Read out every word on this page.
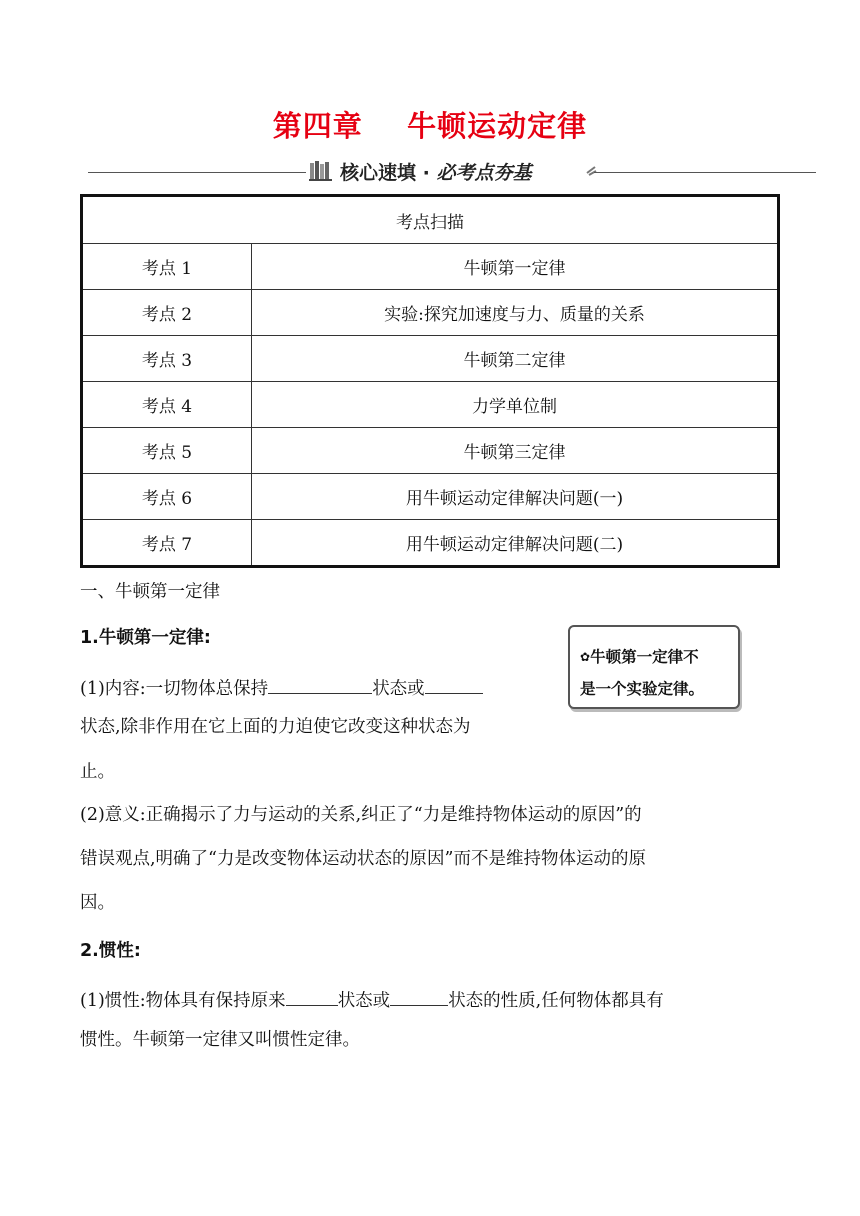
第四章    牛顿运动定律
核心速填 · 必考点夯基
考点扫描	
考点 1	牛顿第一定律
考点 2	实验:探究加速度与力、质量的关系
考点 3	牛顿第二定律
考点 4	力学单位制
考点 5	牛顿第三定律
考点 6	用牛顿运动定律解决问题(一)
考点 7	用牛顿运动定律解决问题(二)
一、牛顿第一定律
1.牛顿第一定律:
(1)内容:一切物体总保持	状态或
状态,除非作用在它上面的力迫使它改变这种状态为
止。
✿牛顿第一定律不
是一个实验定律。
(2)意义:正确揭示了力与运动的关系,纠正了“力是维持物体运动的原因”的
错误观点,明确了“力是改变物体运动状态的原因”而不是维持物体运动的原
因。
2.惯性:
(1)惯性:物体具有保持原来	状态或	状态的性质,任何物体都具有
惯性。牛顿第一定律又叫惯性定律。
